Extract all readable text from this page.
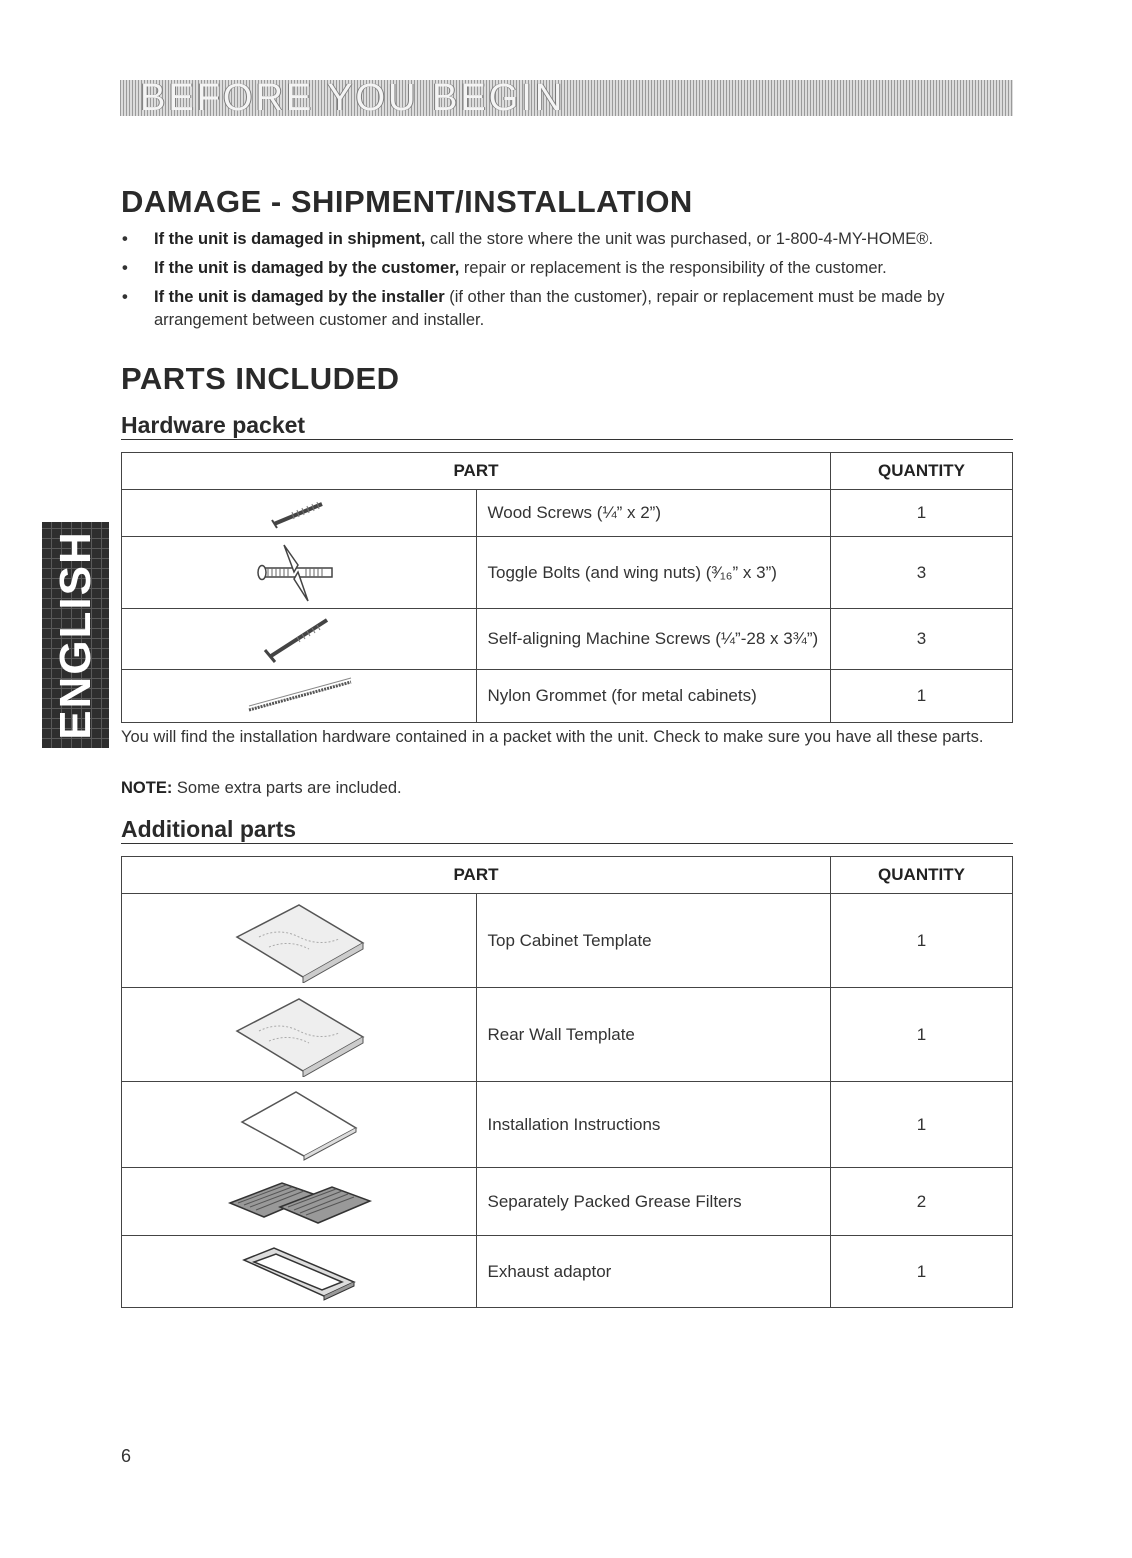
BEFORE YOU BEGIN
ENGLISH
DAMAGE - SHIPMENT/INSTALLATION
• If the unit is damaged in shipment, call the store where the unit was purchased, or 1-800-4-MY-HOME®.
• If the unit is damaged by the customer, repair or replacement is the responsibility of the customer.
• If the unit is damaged by the installer (if other than the customer), repair or replacement must be made by arrangement between customer and installer.
PARTS INCLUDED
Hardware packet
PART		QUANTITY

	Wood Screws (¼” x 2”)	1

	Toggle Bolts (and wing nuts) (³⁄₁₆” x 3”)	3

	Self-aligning Machine Screws (¼”-28 x 3¾”)	3

	Nylon Grommet (for metal cabinets)	1

You will find the installation hardware contained in a packet with the unit. Check to make sure you have all these parts.

NOTE: Some extra parts are included.

Additional parts
PART		QUANTITY

	Top Cabinet Template	1

	Rear Wall Template	1

	Installation Instructions	1

	Separately Packed Grease Filters	2

	Exhaust adaptor	1
6
